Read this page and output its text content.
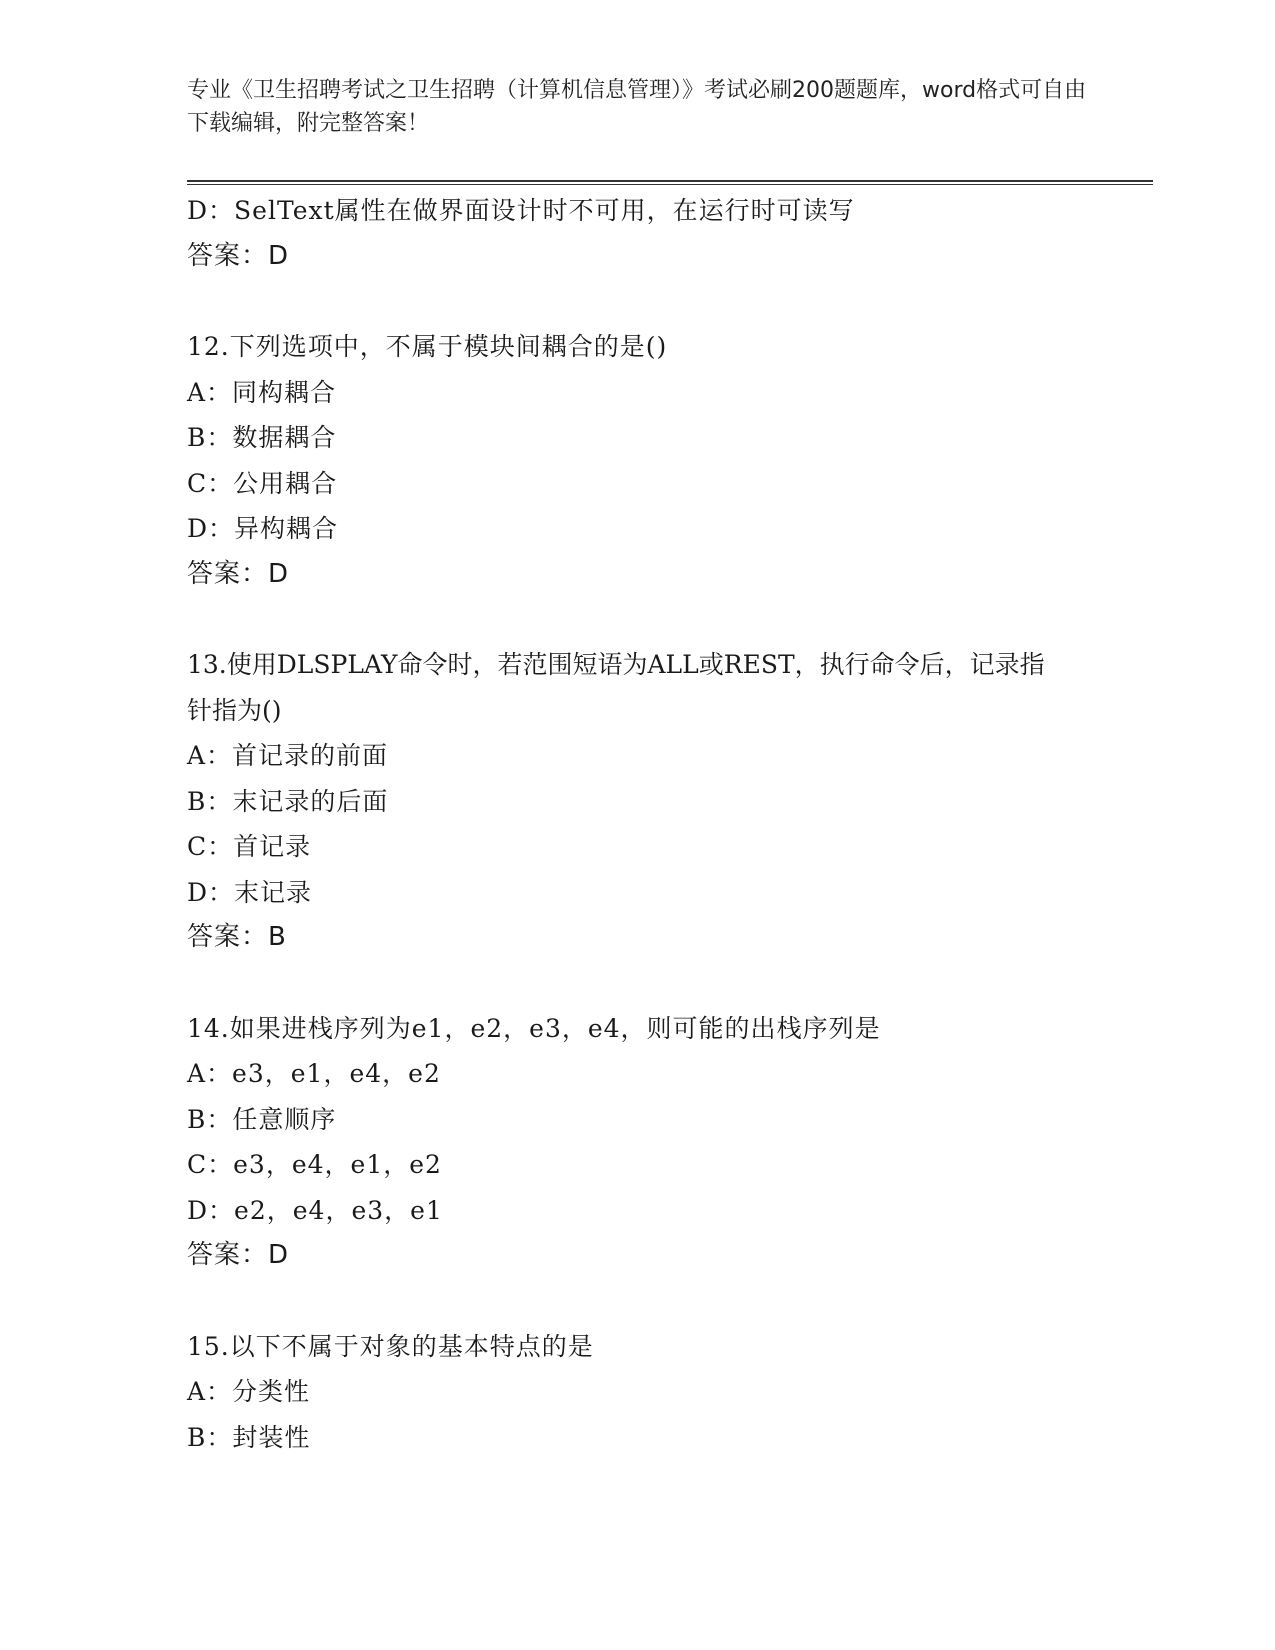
专业《卫生招聘考试之卫生招聘（计算机信息管理）》考试必刷200题题库，word格式可自由下载编辑，附完整答案！
D：SelText属性在做界面设计时不可用，在运行时可读写
答案：D
12.下列选项中，不属于模块间耦合的是()
A：同构耦合
B：数据耦合
C：公用耦合
D：异构耦合
答案：D
13.使用DLSPLAY命令时，若范围短语为ALL或REST，执行命令后，记录指针指为()
A：首记录的前面
B：末记录的后面
C：首记录
D：末记录
答案：B
14.如果进栈序列为e1，e2，e3，e4，则可能的出栈序列是
A：e3，e1，e4，e2
B：任意顺序
C：e3，e4，e1，e2
D：e2，e4，e3，e1
答案：D
15.以下不属于对象的基本特点的是
A：分类性
B：封装性
